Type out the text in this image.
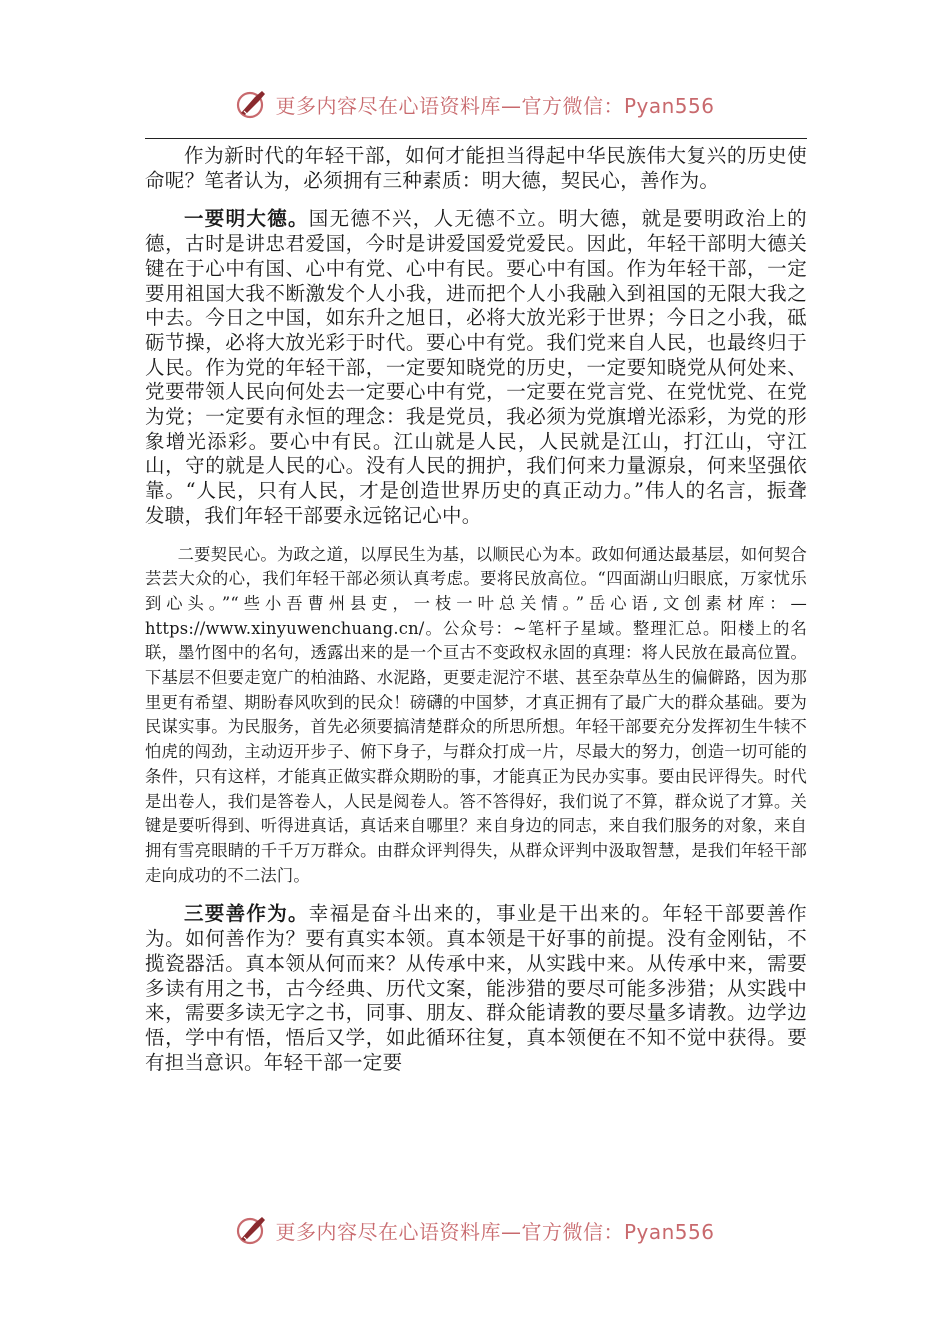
更多内容尽在心语资料库—官方微信：Pyan556

作为新时代的年轻干部，如何才能担当得起中华民族伟大复兴的历史使命呢？笔者认为，必须拥有三种素质：明大德，契民心，善作为。

一要明大德。国无德不兴，人无德不立。明大德，就是要明政治上的德，古时是讲忠君爱国，今时是讲爱国爱党爱民。因此，年轻干部明大德关键在于心中有国、心中有党、心中有民。要心中有国。作为年轻干部，一定要用祖国大我不断激发个人小我，进而把个人小我融入到祖国的无限大我之中去。今日之中国，如东升之旭日，必将大放光彩于世界；今日之小我，砥砺节操，必将大放光彩于时代。要心中有党。我们党来自人民，也最终归于人民。作为党的年轻干部，一定要知晓党的历史，一定要知晓党从何处来、党要带领人民向何处去一定要心中有党，一定要在党言党、在党忧党、在党为党；一定要有永恒的理念：我是党员，我必须为党旗增光添彩，为党的形象增光添彩。要心中有民。江山就是人民，人民就是江山，打江山，守江山，守的就是人民的心。没有人民的拥护，我们何来力量源泉，何来坚强依靠。“人民，只有人民，才是创造世界历史的真正动力。”伟人的名言，振聋发聩，我们年轻干部要永远铭记心中。

二要契民心。为政之道，以厚民生为基，以顺民心为本。政如何通达最基层，如何契合芸芸大众的心，我们年轻干部必须认真考虑。要将民放高位。“四面湖山归眼底，万家忧乐到心头。”“些小吾曹州县吏，一枝一叶总关情。”岳心语,文创素材库：—https://www.xinyuwenchuang.cn/。公众号：~笔杆子星域。整理汇总。阳楼上的名联，墨竹图中的名句，透露出来的是一个亘古不变政权永固的真理：将人民放在最高位置。下基层不但要走宽广的柏油路、水泥路，更要走泥泞不堪、甚至杂草丛生的偏僻路，因为那里更有希望、期盼春风吹到的民众！磅礴的中国梦，才真正拥有了最广大的群众基础。要为民谋实事。为民服务，首先必须要搞清楚群众的所思所想。年轻干部要充分发挥初生牛犊不怕虎的闯劲，主动迈开步子、俯下身子，与群众打成一片，尽最大的努力，创造一切可能的条件，只有这样，才能真正做实群众期盼的事，才能真正为民办实事。要由民评得失。时代是出卷人，我们是答卷人，人民是阅卷人。答不答得好，我们说了不算，群众说了才算。关键是要听得到、听得进真话，真话来自哪里？来自身边的同志，来自我们服务的对象，来自拥有雪亮眼睛的千千万万群众。由群众评判得失，从群众评判中汲取智慧，是我们年轻干部走向成功的不二法门。

三要善作为。幸福是奋斗出来的，事业是干出来的。年轻干部要善作为。如何善作为？要有真实本领。真本领是干好事的前提。没有金刚钻，不揽瓷器活。真本领从何而来？从传承中来，从实践中来。从传承中来，需要多读有用之书，古今经典、历代文案，能涉猎的要尽可能多涉猎；从实践中来，需要多读无字之书，同事、朋友、群众能请教的要尽量多请教。边学边悟，学中有悟，悟后又学，如此循环往复，真本领便在不知不觉中获得。要有担当意识。年轻干部一定要

更多内容尽在心语资料库—官方微信：Pyan556
